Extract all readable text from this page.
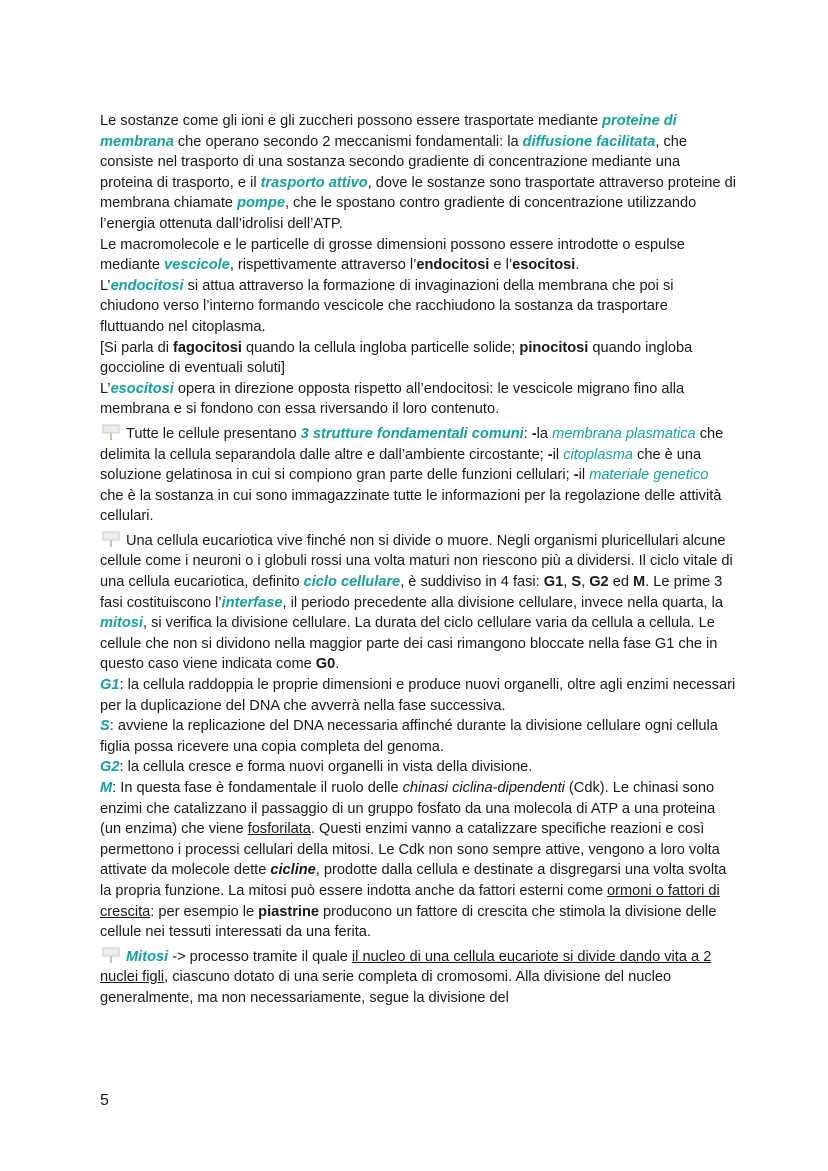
Le sostanze come gli ioni e gli zuccheri possono essere trasportate mediante proteine di membrana che operano secondo 2 meccanismi fondamentali: la diffusione facilitata, che consiste nel trasporto di una sostanza secondo gradiente di concentrazione mediante una proteina di trasporto, e il trasporto attivo, dove le sostanze sono trasportate attraverso proteine di membrana chiamate pompe, che le spostano contro gradiente di concentrazione utilizzando l’energia ottenuta dall’idrolisi dell’ATP.

Le macromolecole e le particelle di grosse dimensioni possono essere introdotte o espulse mediante vescicole, rispettivamente attraverso l’endocitosi e l’esocitosi.

L’endocitosi si attua attraverso la formazione di invaginazioni della membrana che poi si chiudono verso l’interno formando vescicole che racchiudono la sostanza da trasportare fluttuando nel citoplasma.

[Si parla di fagocitosi quando la cellula ingloba particelle solide; pinocitosi quando ingloba goccioline di eventuali soluti]

L’esocitosi opera in direzione opposta rispetto all’endocitosi: le vescicole migrano fino alla membrana e si fondono con essa riversando il loro contenuto.

Tutte le cellule presentano 3 strutture fondamentali comuni: -la membrana plasmatica che delimita la cellula separandola dalle altre e dall’ambiente circostante; -il citoplasma che è una soluzione gelatinosa in cui si compiono gran parte delle funzioni cellulari; -il materiale genetico che è la sostanza in cui sono immagazzinate tutte le informazioni per la regolazione delle attività cellulari.

Una cellula eucariotica vive finché non si divide o muore. Negli organismi pluricellulari alcune cellule come i neuroni o i globuli rossi una volta maturi non riescono più a dividersi. Il ciclo vitale di una cellula eucariotica, definito ciclo cellulare, è suddiviso in 4 fasi: G1, S, G2 ed M. Le prime 3 fasi costituiscono l’interfase, il periodo precedente alla divisione cellulare, invece nella quarta, la mitosi, si verifica la divisione cellulare. La durata del ciclo cellulare varia da cellula a cellula. Le cellule che non si dividono nella maggior parte dei casi rimangono bloccate nella fase G1 che in questo caso viene indicata come G0.

G1: la cellula raddoppia le proprie dimensioni e produce nuovi organelli, oltre agli enzimi necessari per la duplicazione del DNA che avverrà nella fase successiva.

S: avviene la replicazione del DNA necessaria affinché durante la divisione cellulare ogni cellula figlia possa ricevere una copia completa del genoma.

G2: la cellula cresce e forma nuovi organelli in vista della divisione.

M: In questa fase è fondamentale il ruolo delle chinasi ciclina-dipendenti (Cdk). Le chinasi sono enzimi che catalizzano il passaggio di un gruppo fosfato da una molecola di ATP a una proteina (un enzima) che viene fosforilata. Questi enzimi vanno a catalizzare specifiche reazioni e così permettono i processi cellulari della mitosi. Le Cdk non sono sempre attive, vengono a loro volta attivate da molecole dette cicline, prodotte dalla cellula e destinate a disgregarsi una volta svolta la propria funzione. La mitosi può essere indotta anche da fattori esterni come ormoni o fattori di crescita: per esempio le piastrine producono un fattore di crescita che stimola la divisione delle cellule nei tessuti interessati da una ferita.

Mitosi -> processo tramite il quale il nucleo di una cellula eucariote si divide dando vita a 2 nuclei figli, ciascuno dotato di una serie completa di cromosomi. Alla divisione del nucleo generalmente, ma non necessariamente, segue la divisione del

5
